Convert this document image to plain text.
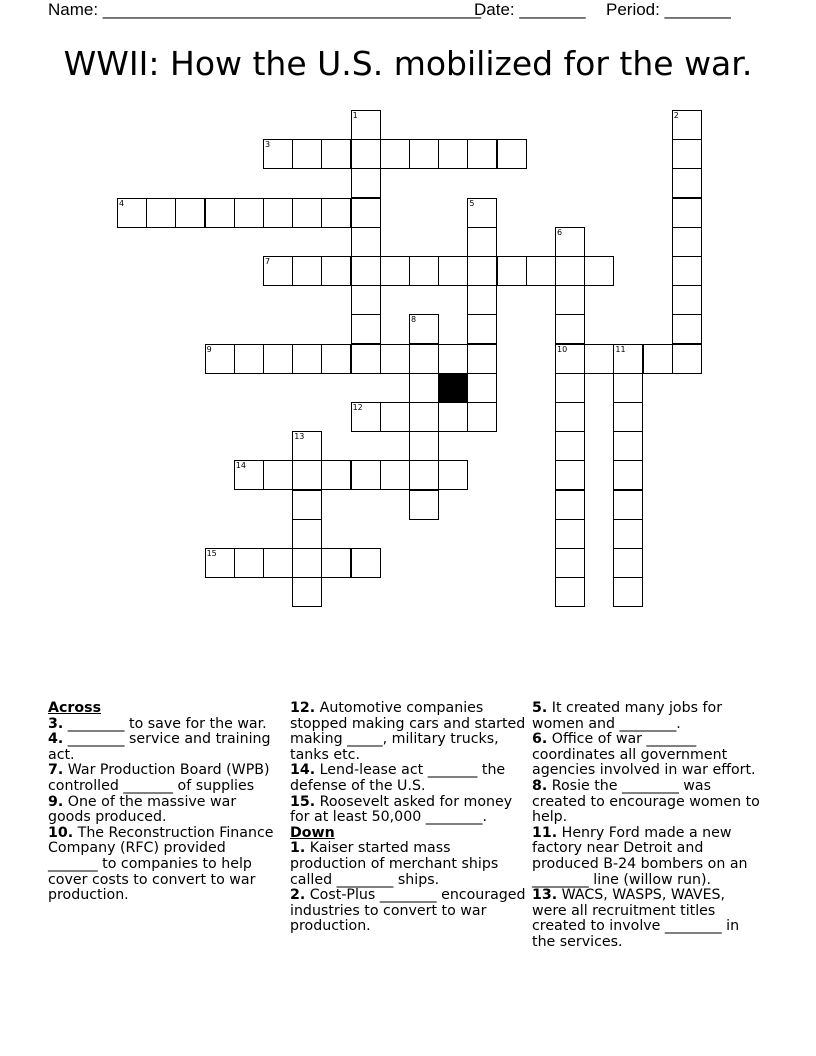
Name: ________________________________________
Date: _______ Period: _______
WWII: How the U.S. mobilized for the war.
3
4
7
9	10	11
12
14
15
1	2
5
6
8
13
Across
3. ________ to save for the war.
4. ________ service and training act.
7. War Production Board (WPB) controlled _______ of supplies
9. One of the massive war goods produced.
10. The Reconstruction Finance Company (RFC) provided _______ to companies to help cover costs to convert to war production.
12. Automotive companies stopped making cars and started making _____, military trucks, tanks etc.
14. Lend-lease act _______ the defense of the U.S.
15. Roosevelt asked for money for at least 50,000 ________.
Down
1. Kaiser started mass production of merchant ships called ________ ships.
2. Cost-Plus ________ encouraged industries to convert to war production.
5. It created many jobs for women and ________.
6. Office of war _______ coordinates all government agencies involved in war effort.
8. Rosie the ________ was created to encourage women to help.
11. Henry Ford made a new factory near Detroit and produced B-24 bombers on an ________ line (willow run).
13. WACS, WASPS, WAVES, were all recruitment titles created to involve ________ in the services.
